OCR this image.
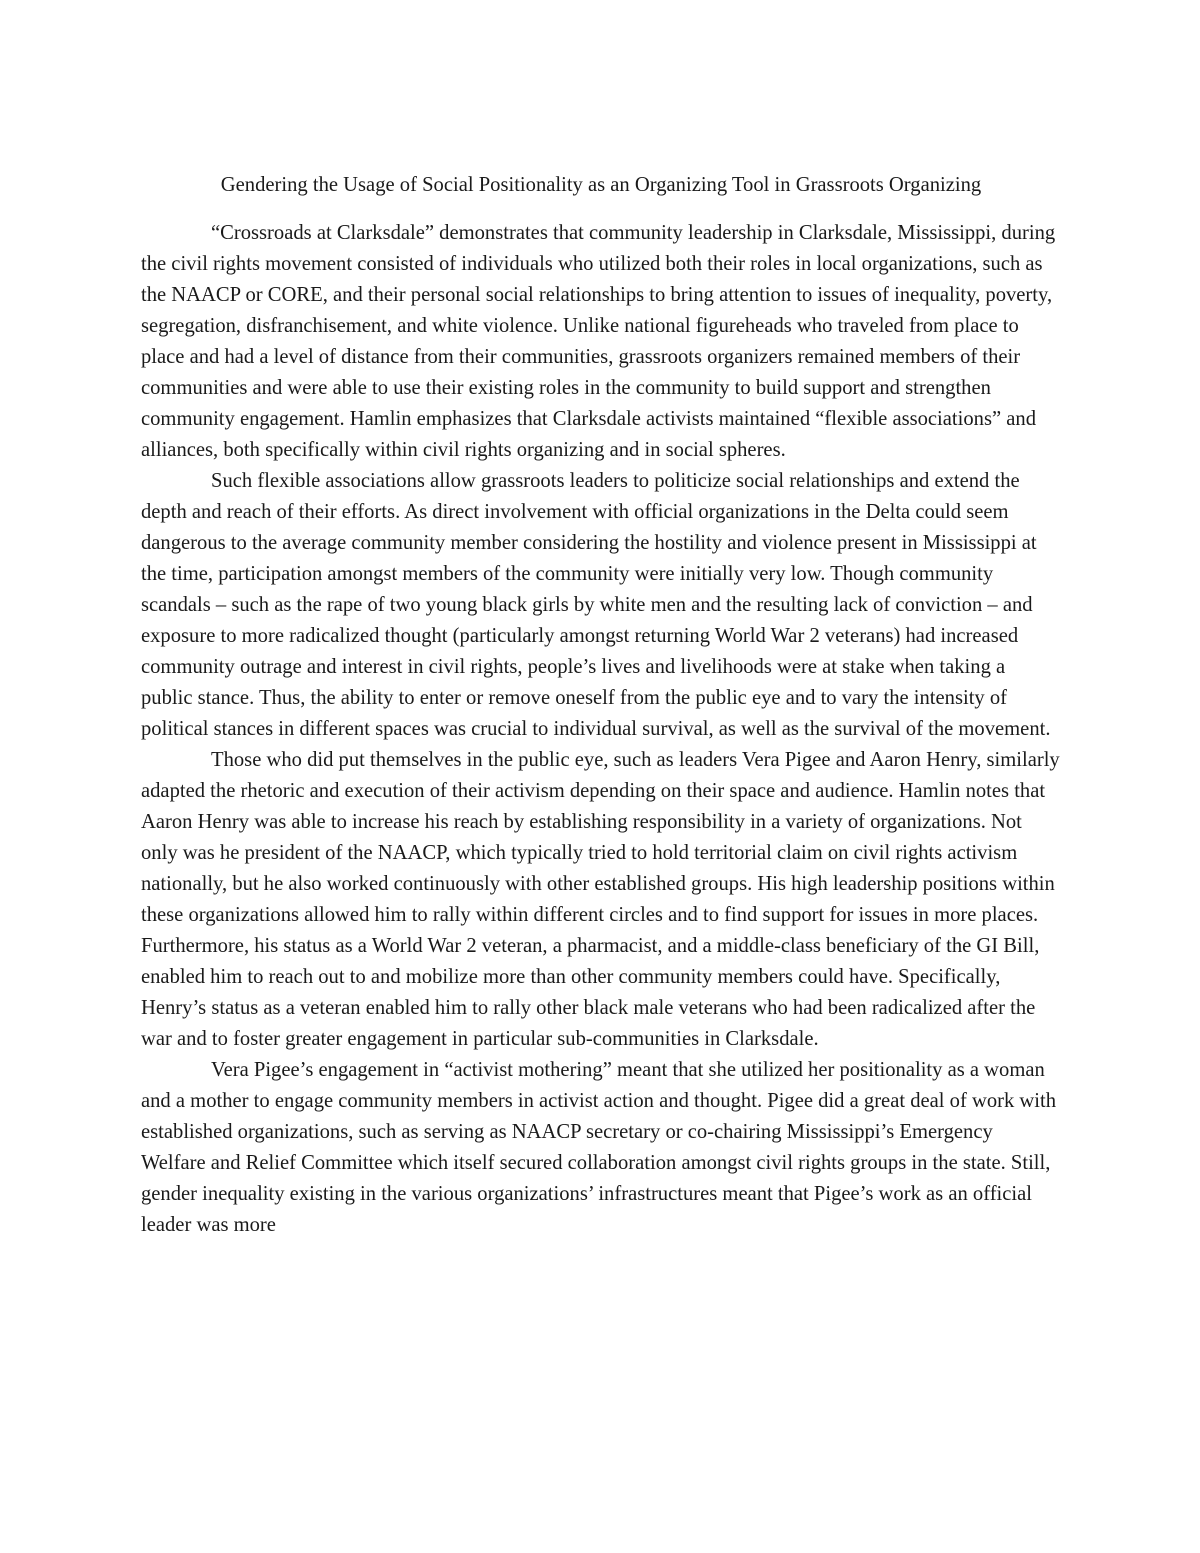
Gendering the Usage of Social Positionality as an Organizing Tool in Grassroots Organizing

“Crossroads at Clarksdale” demonstrates that community leadership in Clarksdale, Mississippi, during the civil rights movement consisted of individuals who utilized both their roles in local organizations, such as the NAACP or CORE, and their personal social relationships to bring attention to issues of inequality, poverty, segregation, disfranchisement, and white violence. Unlike national figureheads who traveled from place to place and had a level of distance from their communities, grassroots organizers remained members of their communities and were able to use their existing roles in the community to build support and strengthen community engagement. Hamlin emphasizes that Clarksdale activists maintained “flexible associations” and alliances, both specifically within civil rights organizing and in social spheres.

Such flexible associations allow grassroots leaders to politicize social relationships and extend the depth and reach of their efforts. As direct involvement with official organizations in the Delta could seem dangerous to the average community member considering the hostility and violence present in Mississippi at the time, participation amongst members of the community were initially very low. Though community scandals – such as the rape of two young black girls by white men and the resulting lack of conviction – and exposure to more radicalized thought (particularly amongst returning World War 2 veterans) had increased community outrage and interest in civil rights, people’s lives and livelihoods were at stake when taking a public stance. Thus, the ability to enter or remove oneself from the public eye and to vary the intensity of political stances in different spaces was crucial to individual survival, as well as the survival of the movement.

Those who did put themselves in the public eye, such as leaders Vera Pigee and Aaron Henry, similarly adapted the rhetoric and execution of their activism depending on their space and audience. Hamlin notes that Aaron Henry was able to increase his reach by establishing responsibility in a variety of organizations. Not only was he president of the NAACP, which typically tried to hold territorial claim on civil rights activism nationally, but he also worked continuously with other established groups. His high leadership positions within these organizations allowed him to rally within different circles and to find support for issues in more places. Furthermore, his status as a World War 2 veteran, a pharmacist, and a middle-class beneficiary of the GI Bill, enabled him to reach out to and mobilize more than other community members could have. Specifically, Henry’s status as a veteran enabled him to rally other black male veterans who had been radicalized after the war and to foster greater engagement in particular sub-communities in Clarksdale.

Vera Pigee’s engagement in “activist mothering” meant that she utilized her positionality as a woman and a mother to engage community members in activist action and thought. Pigee did a great deal of work with established organizations, such as serving as NAACP secretary or co-chairing Mississippi’s Emergency Welfare and Relief Committee which itself secured collaboration amongst civil rights groups in the state. Still, gender inequality existing in the various organizations’ infrastructures meant that Pigee’s work as an official leader was more
